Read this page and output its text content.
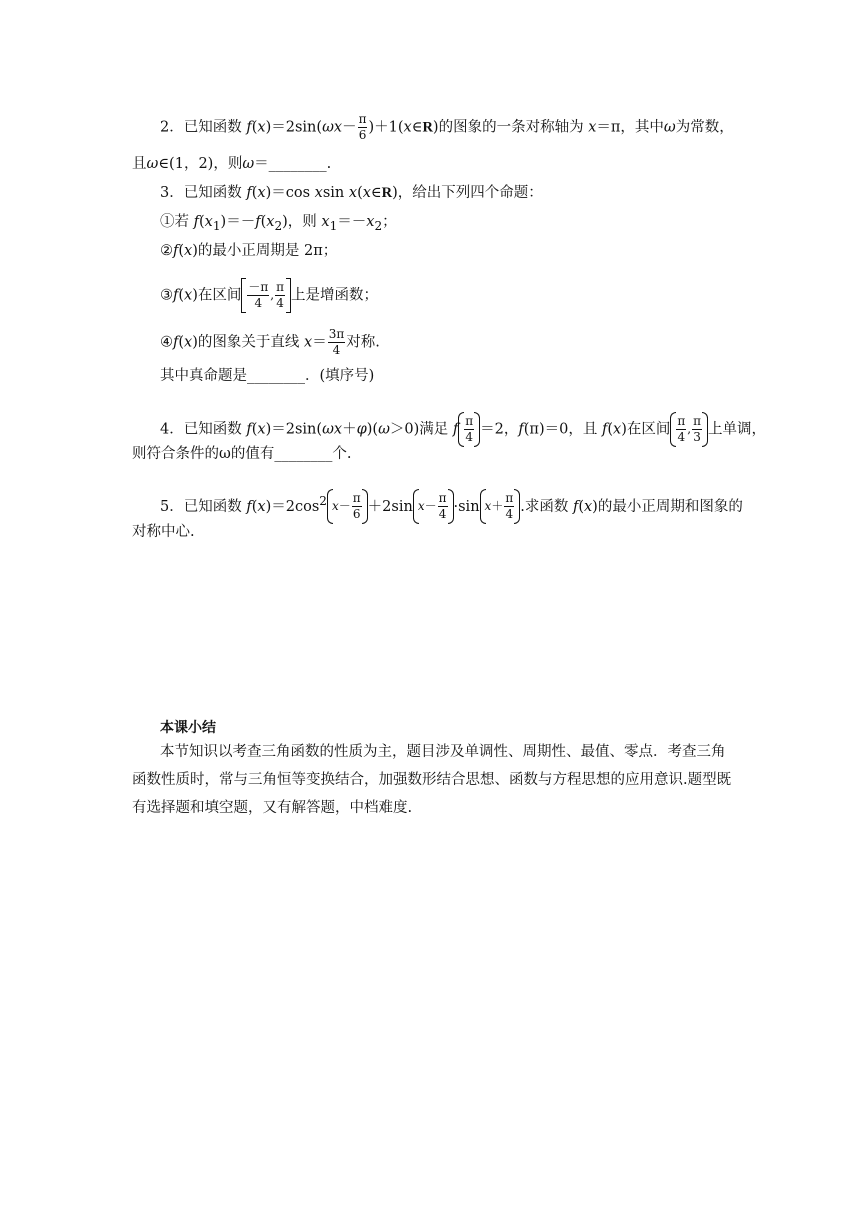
2．已知函数 $f(x)=2\sin(\omega x- \frac{\pi}{6}$ )＋1(x∈R)的图象的一条对称轴为 x＝π，其中ω为常数，
且ω∈(1，2)，则ω＝________.
3．已知函数 f(x)＝cos xsin x(x∈R)，给出下列四个命题：
①若 $f(x_1)=-f(x_2)$，则 $x_1=-x_2$；
②f(x)的最小正周期是 2π；
③f(x)在区间 $\frac{-\pi}{4}$ , $\frac{\pi}{4}$ 上是增函数；
④f(x)的图象关于直线 $x= \frac{3\pi}{4}$ 对称.
其中真命题是________．(填序号)
4．已知函数 f(x)＝2sin(ωx＋φ)(ω＞0)满足 f $\frac{\pi}{4} =2$，f(π)＝0，且 f(x)在区间 $\frac{\pi}{4}$ , $\frac{\pi}{3}$ 上单调，
则符合条件的ω的值有________个.
5．已知函数 $f(x)=2\cos^2$ $x- \frac{\pi}{6} +2\sin$ $x- \frac{\pi}{4} \cdot\sin$ $x+ \frac{\pi}{4}$ .求函数 f(x)的最小正周期和图象的
对称中心.
本课小结
本节知识以考查三角函数的性质为主，题目涉及单调性、周期性、最值、零点．考查三角函数性质时，常与三角恒等变换结合，加强数形结合思想、函数与方程思想的应用意识.题型既有选择题和填空题，又有解答题，中档难度.
